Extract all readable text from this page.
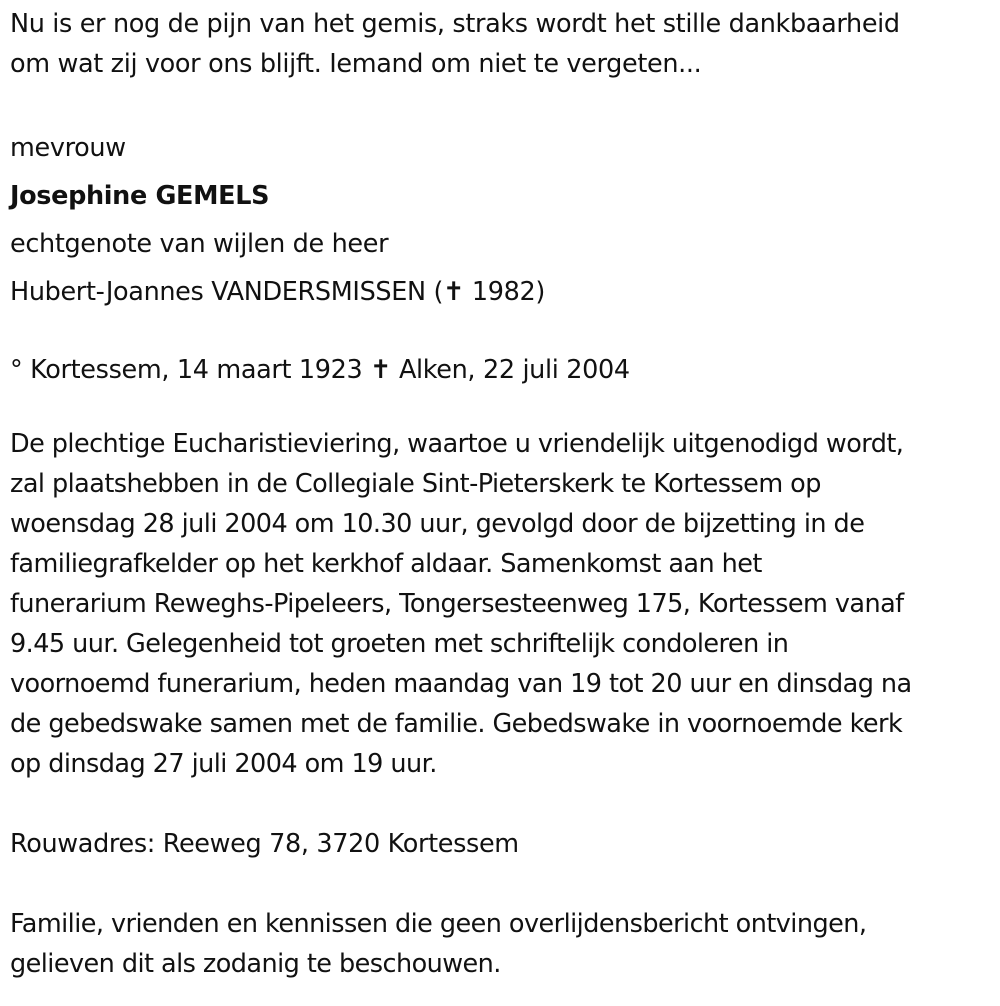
Nu is er nog de pijn van het gemis, straks wordt het stille dankbaarheid
om wat zij voor ons blijft. Iemand om niet te vergeten...
mevrouw
Josephine GEMELS
echtgenote van wijlen de heer
Hubert-Joannes VANDERSMISSEN (✝ 1982)
° Kortessem, 14 maart 1923 ✝ Alken, 22 juli 2004
De plechtige Eucharistieviering, waartoe u vriendelijk uitgenodigd wordt,
zal plaatshebben in de Collegiale Sint-Pieterskerk te Kortessem op
woensdag 28 juli 2004 om 10.30 uur, gevolgd door de bijzetting in de
familiegrafkelder op het kerkhof aldaar. Samenkomst aan het
funerarium Reweghs-Pipeleers, Tongersesteenweg 175, Kortessem vanaf
9.45 uur. Gelegenheid tot groeten met schriftelijk condoleren in
voornoemd funerarium, heden maandag van 19 tot 20 uur en dinsdag na
de gebedswake samen met de familie. Gebedswake in voornoemde kerk
op dinsdag 27 juli 2004 om 19 uur.
Rouwadres: Reeweg 78, 3720 Kortessem
Familie, vrienden en kennissen die geen overlijdensbericht ontvingen,
gelieven dit als zodanig te beschouwen.
